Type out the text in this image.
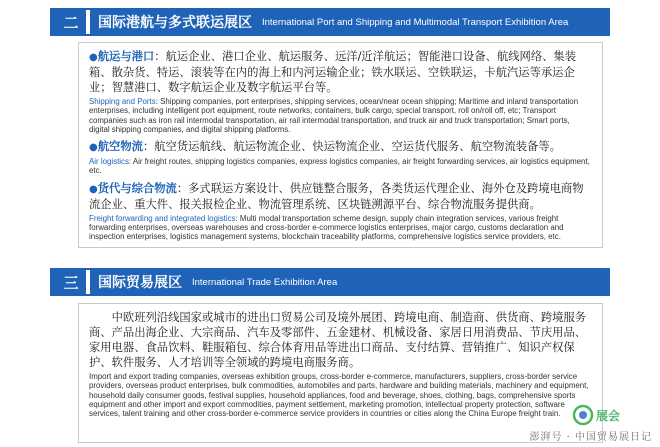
二	国际港航与多式联运展区 International Port and Shipping and Multimodal Transport Exhibition Area

●航运与港口：航运企业、港口企业、航运服务、远洋/近洋航运；智能港口设备、航线网络、集装箱、散杂货、特运、滚装等在内的海上和内河运输企业；铁水联运、空铁联运，卡航汽运等承运企业；智慧港口、数字航运企业及数字航运平台等。

Shipping and Ports: Shipping companies, port enterprises, shipping services, ocean/near ocean shipping; Maritime and inland transportation enterprises, including intelligent port equipment, route networks, containers, bulk cargo, special transport, roll on/roll off, etc; Transport companies such as iron rail intermodal transportation, air rail intermodal transportation, and truck air and truck transportation; Smart ports, digital shipping companies, and digital shipping platforms.

●航空物流：航空货运航线、航运物流企业、快运物流企业、空运货代服务、航空物流装备等。

Air logistics: Air freight routes, shipping logistics companies, express logistics companies, air freight forwarding services, air logistics equipment, etc.

●货代与综合物流：多式联运方案设计、供应链整合服务，各类货运代理企业、海外仓及跨境电商物流企业、重大件、报关报检企业、物流管理系统、区块链溯源平台、综合物流服务提供商。

Freight forwarding and integrated logistics: Multi modal transportation scheme design, supply chain integration services, various freight forwarding enterprises, overseas warehouses and cross-border e-commerce logistics enterprises, major cargo, customs declaration and inspection enterprises, logistics management systems, blockchain traceability platforms, comprehensive logistics service providers, etc.

三	国际贸易展区 International Trade Exhibition Area

中欧班列沿线国家或城市的进出口贸易公司及境外展团、跨境电商、制造商、供货商、跨境服务商、产品出海企业、大宗商品、汽车及零部件、五金建材、机械设备、家居日用消费品、节庆用品、家用电器、食品饮料、鞋服箱包、综合体育用品等进出口商品、支付结算、营销推广、知识产权保护、软件服务、人才培训等全领域的跨境电商服务商。

Import and export trading companies, overseas exhibition groups, cross-border e-commerce, manufacturers, suppliers, cross-border service providers, overseas product enterprises, bulk commodities, automobiles and parts, hardware and building materials, machinery and equipment, household daily consumer goods, festival supplies, household appliances, food and beverage, shoes, clothing, bags, comprehensive sports equipment and other import and export commodities, payment settlement, marketing promotion, intellectual property protection, software services, talent training and other cross-border e-commerce service providers in countries or cities along the China Europe freight train.	展会
澎湃号 · 中国贸易展日记
